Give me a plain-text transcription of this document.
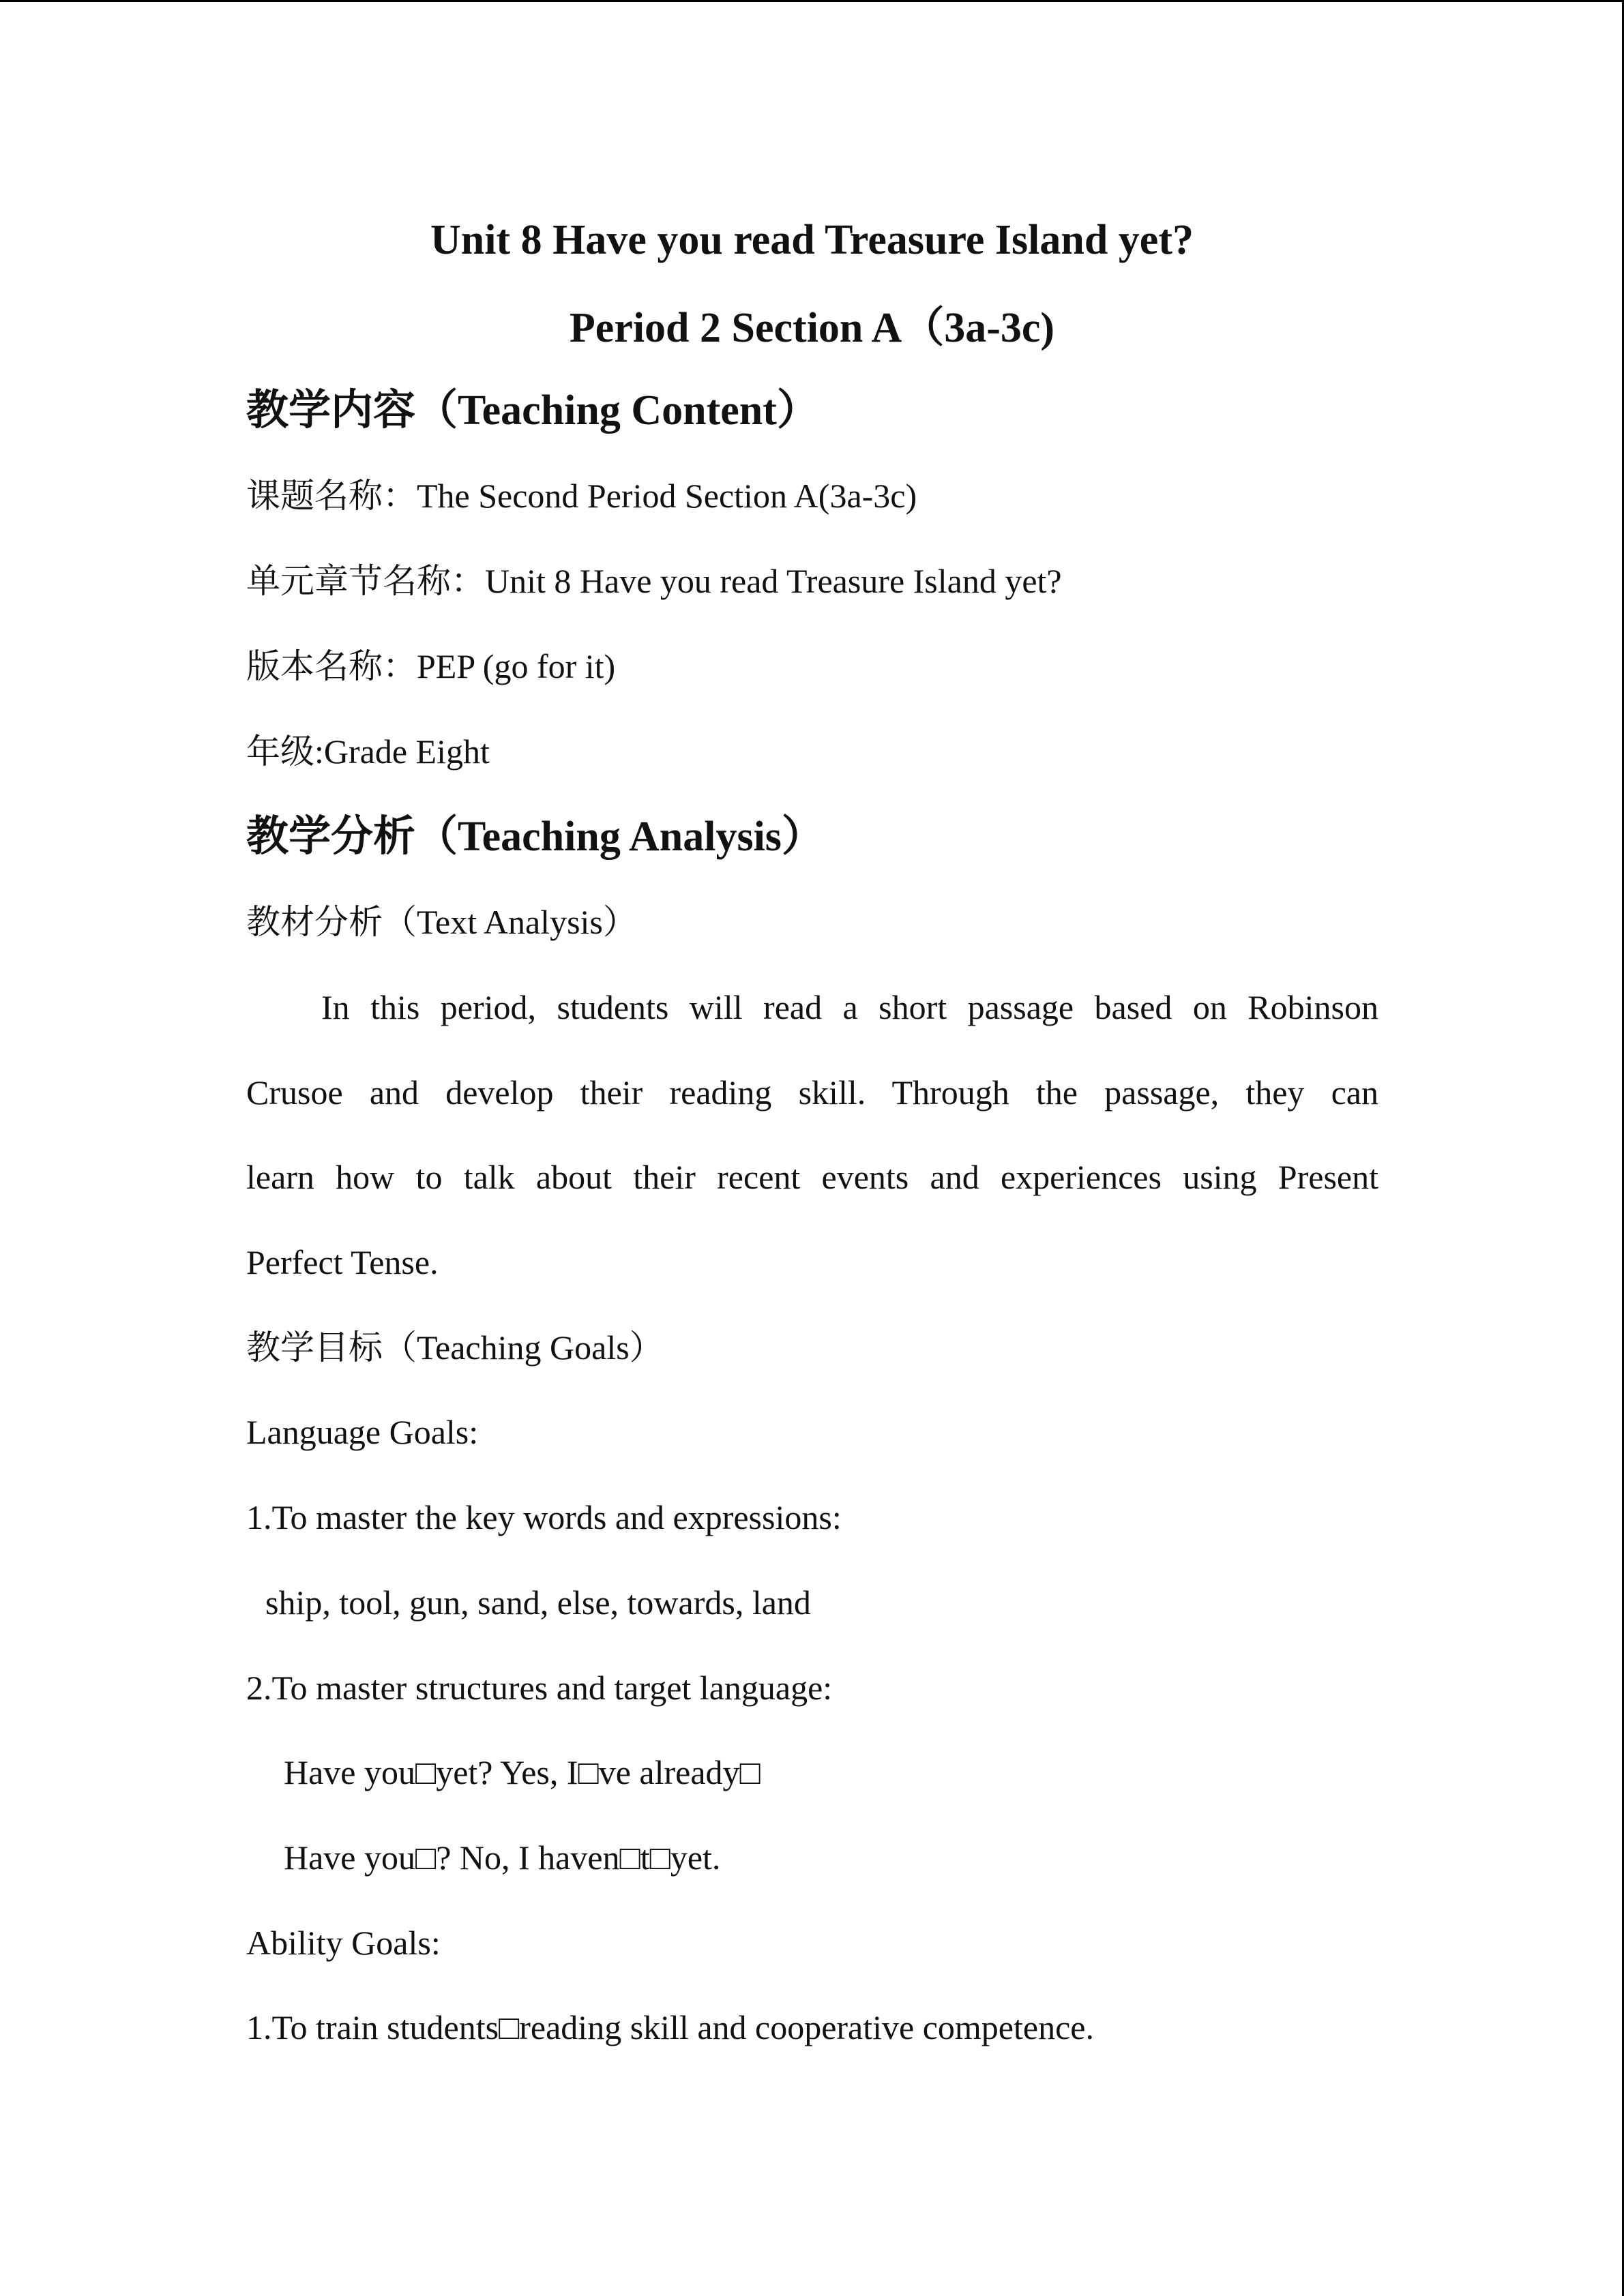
Unit 8 Have you read Treasure Island yet?
Period 2 Section A（3a-3c)
教学内容（Teaching Content）
课题名称：The Second Period Section A(3a-3c)
单元章节名称：Unit 8 Have you read Treasure Island yet?
版本名称：PEP (go for it)
年级:Grade Eight
教学分析（Teaching Analysis）
教材分析（Text Analysis）
In this period, students will read a short passage based on Robinson
Crusoe and develop their reading skill. Through the passage, they can
learn how to talk about their recent events and experiences using Present
Perfect Tense.
教学目标（Teaching Goals）
Language Goals:
1.To master the key words and expressions:
ship, tool, gun, sand, else, towards, land
2.To master structures and target language:
Have you□yet? Yes, I□ve already□
Have you□? No, I haven□t□yet.
Ability Goals:
1.To train students□reading skill and cooperative competence.
